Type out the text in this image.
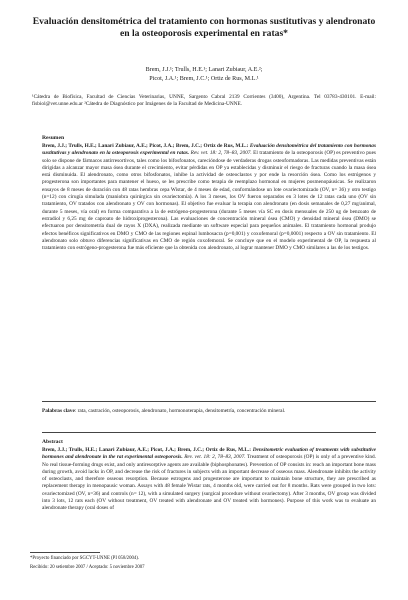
Evaluación densitométrica del tratamiento con hormonas sustitutivas y alendronato en la osteoporosis experimental en ratas*
Brem, J.J.¹; Trulls, H.E.¹; Lanari Zubiaur, A.E.²;
Picot, J.A.¹; Brem, J.C.¹; Ortiz de Rus, M.L.¹
¹Cátedra de Biofísica, Facultad de Ciencias Veterinarias, UNNE, Sargento Cabral 2139 Corrientes (3400), Argentina. Tel 03783-430101. E-mail: fisbiol@vet.unne.edu.ar ²Cátedra de Diagnóstico por Imágenes de la Facultad de Medicina-UNNE.
Resumen
Brem, J.J.; Trulls, H.E.; Lanari Zubiaur, A.E.; Picot, J.A.; Brem, J.C.; Ortiz de Rus, M.L.: Evaluación densitométrica del tratamiento con hormonas sustitutivas y alendronato en la osteoporosis experimental en ratas. Rev. vet. 18: 2, 78–83, 2007. El tratamiento de la osteoporosis (OP) es preventivo pues solo se dispone de fármacos antirresortivos, tales como los bifosfonatos, carecióndose de verdaderas drogas osteoformadoras. Las medidas preventivas están dirigidas a alcanzar mayor masa ósea durante el crecimiento, evitar pérdidas en OP ya establecidas y disminuir el riesgo de fracturas cuando la masa ósea está disminuida. El alendronato, como otros bifosfonatos, inhibe la actividad de osteoclastos y por ende la resorción ósea. Como los estrógenos y progesterona son importantes para mantener el hueso, se les prescribe como terapia de reemplazo hormonal en mujeres posmenopáusicas. Se realizaron ensayos de 8 meses de duración con 48 ratas hembras cepa Wistar, de 4 meses de edad, conformándose un lote ovariectomizado (OV, n= 36) y otro testigo (n=12) con cirugía simulada (maniobra quirúrgica sin ovariectomía). A los 3 meses, los OV fueron separados en 3 lotes de 12 ratas cada uno (OV sin tratamiento, OV tratados con alendronato y OV con hormonas). El objetivo fue evaluar la terapia con alendronato (en dosis semanales de 0,27 mg/animal, durante 5 meses, vía oral) en forma comparativa a la de estrógeno-progesterona (durante 5 meses vía SC en dosis mensuales de 250 ug de benzoato de estradiol y 6,25 mg de caproato de hidroxiprogesterona). Las evaluaciones de concentración mineral ósea (CMO) y densidad mineral ósea (DMO) se efectuaron por densitometría dual de rayos X (DXA), realizada mediante un software especial para pequeños animales. El tratamiento hormonal produjo efectos benéficos significativos en DMO y CMO de las regiones espinal lumbosacra (p=0,001) y coxofemoral (p=0,0001) respecto a OV sin tratamiento. El alendronato solo obtuvo diferencias significativas en CMO de región coxofemoral. Se concluye que en el modelo experimental de OP, la respuesta al tratamiento con estrógeno-progesterona fue más eficiente que la obtenida con alendronato, al lograr mantener DMO y CMO similares a las de los testigos.
Palabras clave: rata, castración, osteoporosis, alendronato, hormonoterapia, densitometría, concentración mineral.
Abstract
Brem, J.J.; Trulls, H.E.; Lanari Zubiaur, A.E.; Picot, J.A.; Brem, J.C.; Ortiz de Rus, M.L.: Densitometric evaluation of treatments with substitutive hormones and alendronate in the rat experimental osteoporosis. Rev. vet. 18: 2, 78–83, 2007. Treatment of osteoporosis (OP) is only of a preventive kind. No real tissue-forming drugs exist, and only antiresorptive agents are available (biphosphonates). Prevention of OP consists in: reach an important bone mass during growth, avoid lacks in OP, and decrease the risk of fractures in subjects with an important decrease of osseous mass. Alendronate inhibits the activity of osteoclasts, and therefore osseous resorption. Because estrogens and progesterone are important to maintain bone structure, they are prescribed as replacement therapy in menopausic woman. Assays with 48 female Wistar rats, 4 months old, were carried out for 8 months. Rats were grouped in two lots: ovariectomized (OV, n=36) and controls (n= 12), with a simulated surgery (surgical procedure without ovariectomy). After 3 months, OV group was divided into 3 lots, 12 rats each (OV without treatment, OV treated with alendronate and OV treated with hormones). Purpose of this work was to evaluate an alendronate therapy (oral doses of
*Proyecto financiado por SGCYT-UNNE (PI 058/2004).
Recibido: 20 setiembre 2007 / Aceptado: 5 noviembre 2007
